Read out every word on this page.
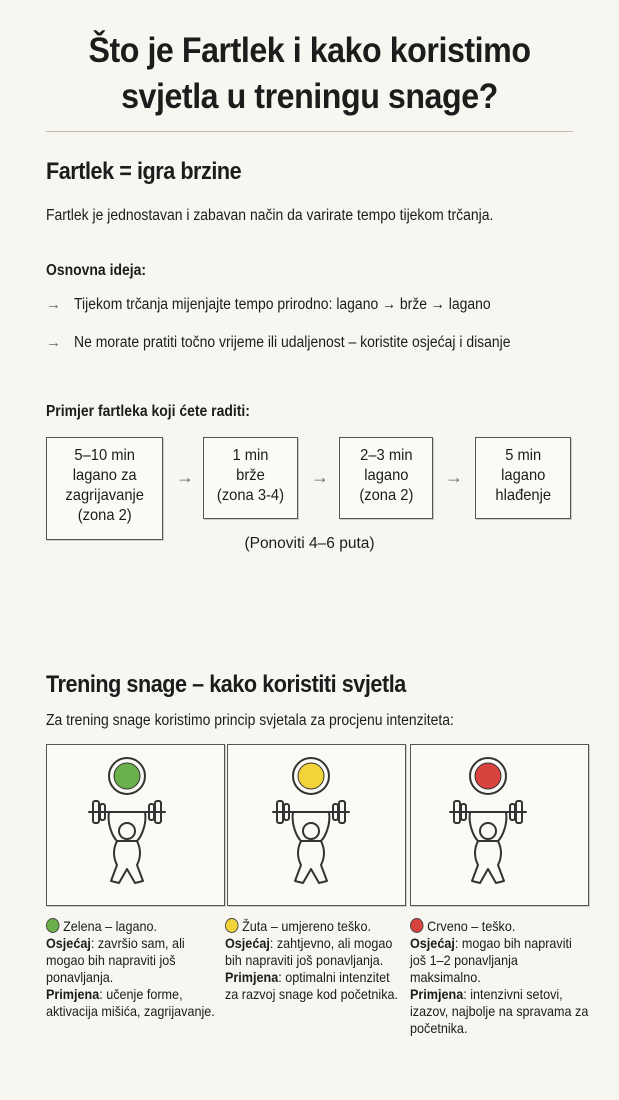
Što je Fartlek i kako koristimo
svjetla u treningu snage?
Fartlek = igra brzine
Fartlek je jednostavan i zabavan način da varirate tempo tijekom trčanja.
Osnovna ideja:
→ Tijekom trčanja mijenjajte tempo prirodno: lagano → brže → lagano
→ Ne morate pratiti točno vrijeme ili udaljenost – koristite osjećaj i disanje
Primjer fartleka koji ćete raditi:
5–10 min
lagano za
zagrijavanje
(zona 2)
→
1 min
brže
(zona 3-4)
→
2–3 min
lagano
(zona 2)
→
5 min
lagano
hlađenje
(Ponoviti 4–6 puta)
Trening snage – kako koristiti svjetla
Za trening snage koristimo princip svjetala za procjenu intenziteta:
Zelena – lagano.
Osjećaj: završio sam, ali mogao bih napraviti još ponavljanja.
Primjena: učenje forme, aktivacija mišića, zagrijavanje.
Žuta – umjereno teško.
Osjećaj: zahtjevno, ali mogao bih napraviti još ponavljanja.
Primjena: optimalni intenzitet za razvoj snage kod početnika.
Crveno – teško.
Osjećaj: mogao bih napraviti još 1–2 ponavljanja maksimalno.
Primjena: intenzivni setovi, izazov, najbolje na spravama za početnika.
